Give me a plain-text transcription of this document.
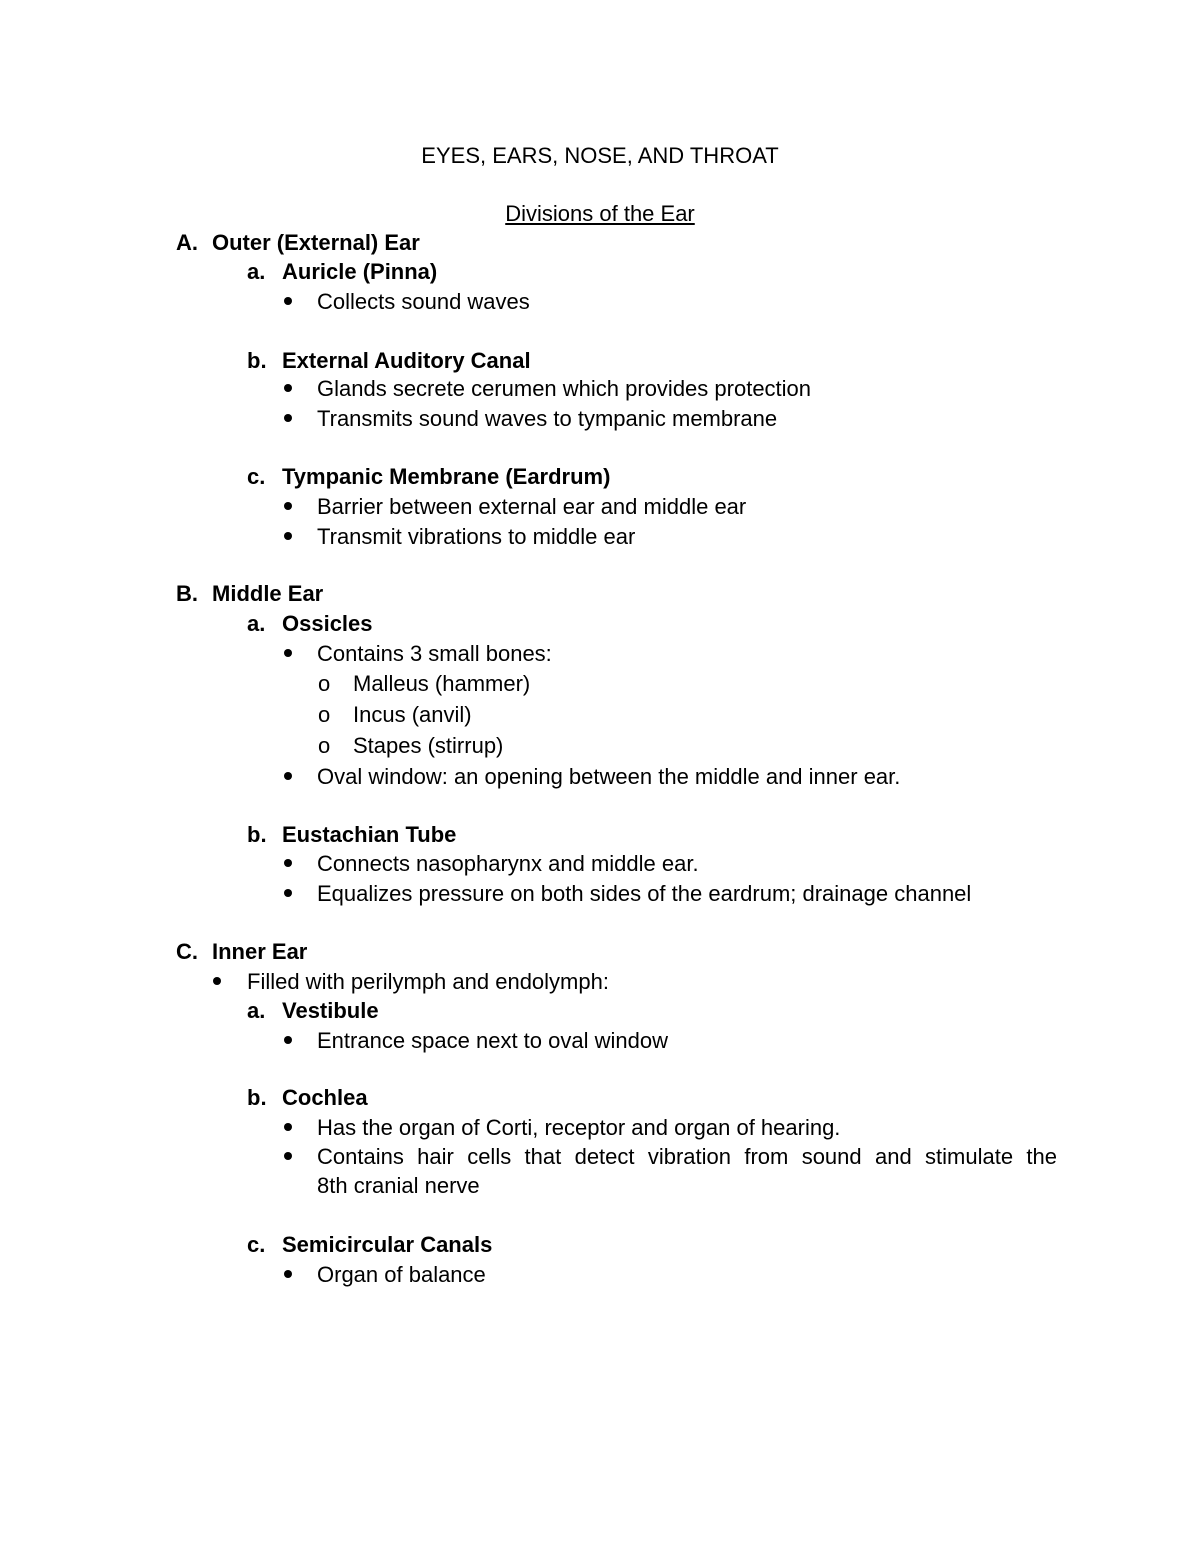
EYES, EARS, NOSE, AND THROAT
Divisions of the Ear
A. Outer (External) Ear
a. Auricle (Pinna)
Collects sound waves
b. External Auditory Canal
Glands secrete cerumen which provides protection
Transmits sound waves to tympanic membrane
c. Tympanic Membrane (Eardrum)
Barrier between external ear and middle ear
Transmit vibrations to middle ear
B. Middle Ear
a. Ossicles
Contains 3 small bones:
o Malleus (hammer)
o Incus (anvil)
o Stapes (stirrup)
Oval window: an opening between the middle and inner ear.
b. Eustachian Tube
Connects nasopharynx and middle ear.
Equalizes pressure on both sides of the eardrum; drainage channel
C. Inner Ear
Filled with perilymph and endolymph:
a. Vestibule
Entrance space next to oval window
b. Cochlea
Has the organ of Corti, receptor and organ of hearing.
Contains hair cells that detect vibration from sound and stimulate the
8th cranial nerve
c. Semicircular Canals
Organ of balance
